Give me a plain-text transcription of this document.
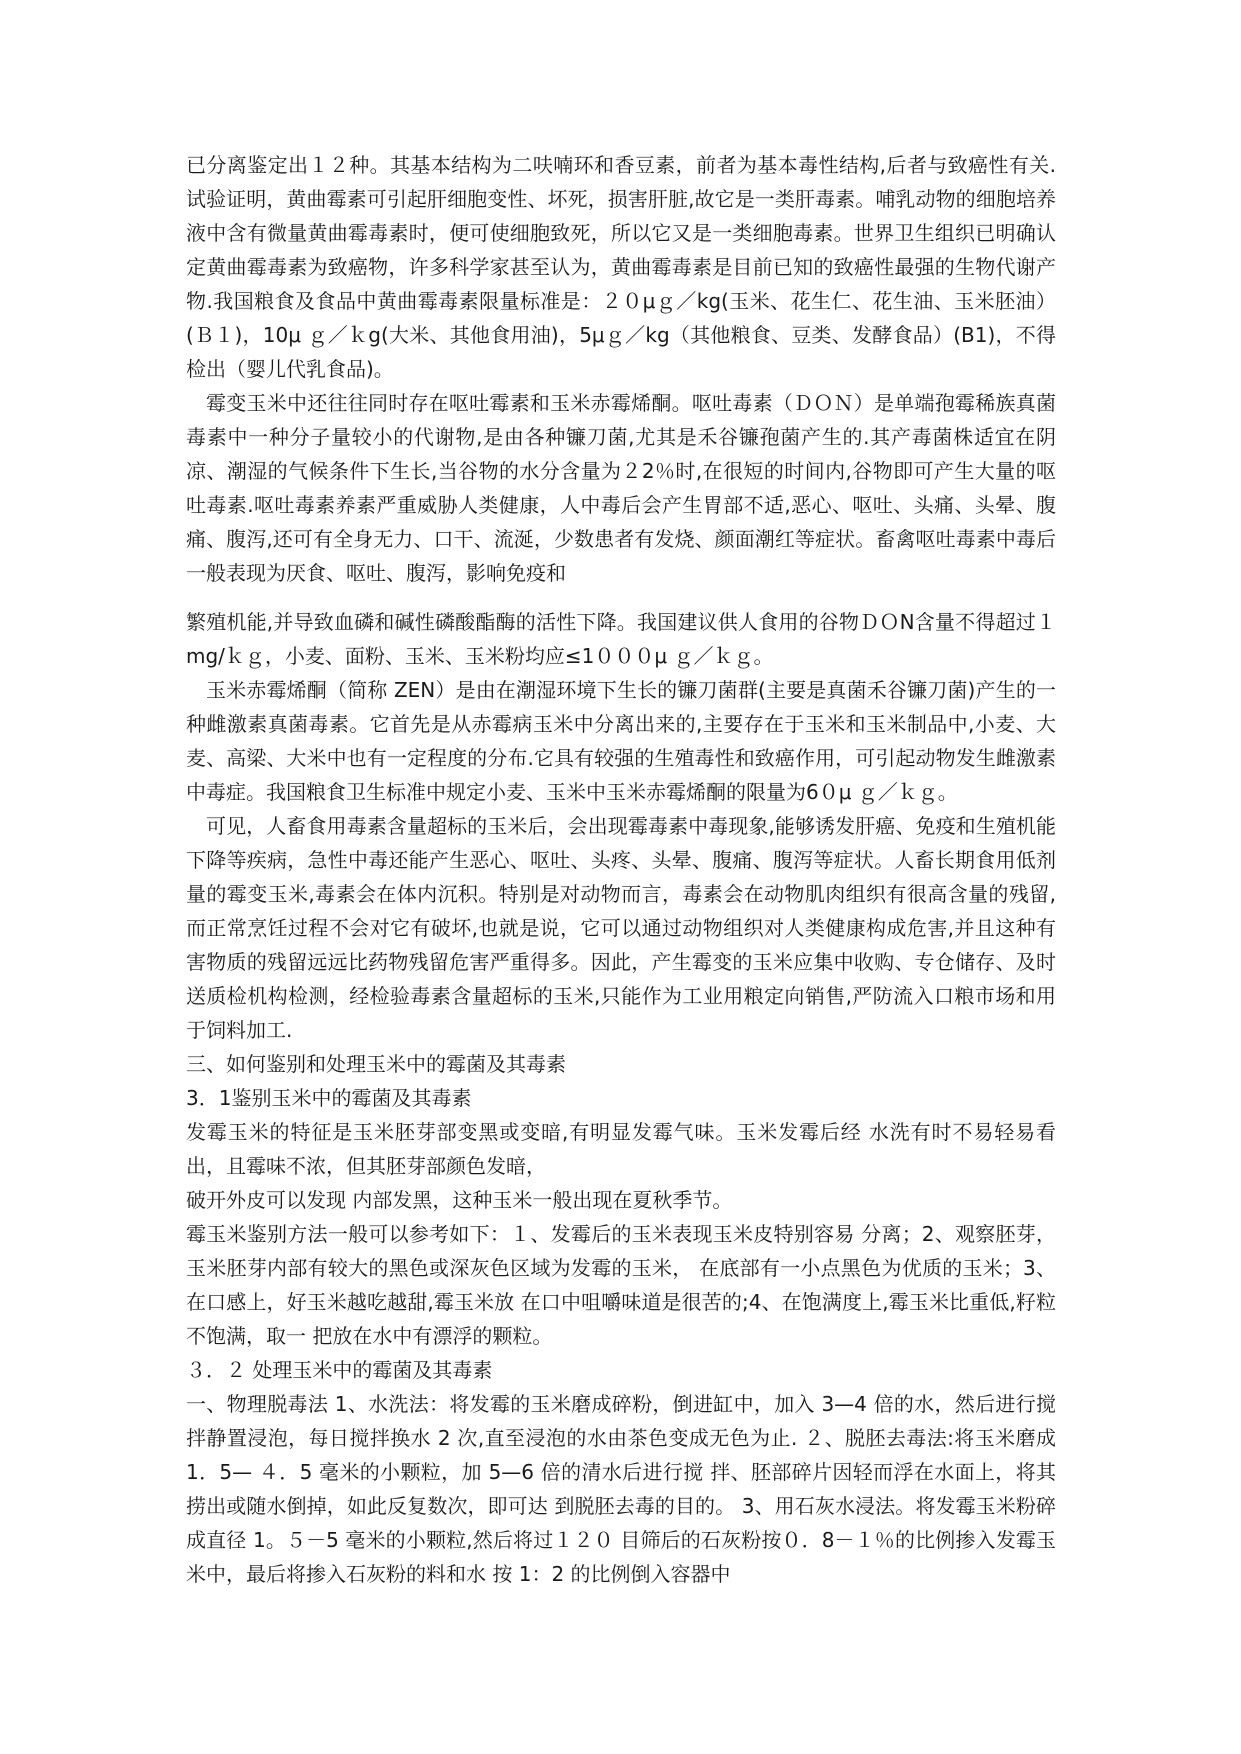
已分离鉴定出１２种。其基本结构为二呋喃环和香豆素，前者为基本毒性结构,后者与致癌性有关.试验证明，黄曲霉素可引起肝细胞变性、坏死，损害肝脏,故它是一类肝毒素。哺乳动物的细胞培养液中含有微量黄曲霉毒素时，便可使细胞致死，所以它又是一类细胞毒素。世界卫生组织已明确认定黄曲霉毒素为致癌物，许多科学家甚至认为，黄曲霉毒素是目前已知的致癌性最强的生物代谢产物.我国粮食及食品中黄曲霉毒素限量标准是：２０μｇ／kg(玉米、花生仁、花生油、玉米胚油）(Ｂ１)，10μ ｇ／ｋg(大米、其他食用油)，5μｇ／kg（其他粮食、豆类、发酵食品）(B1)，不得检出（婴儿代乳食品)。

霉变玉米中还往往同时存在呕吐霉素和玉米赤霉烯酮。呕吐毒素（ＤＯＮ）是单端孢霉稀族真菌毒素中一种分子量较小的代谢物,是由各种镰刀菌,尤其是禾谷镰孢菌产生的.其产毒菌株适宜在阴凉、潮湿的气候条件下生长,当谷物的水分含量为２2％时,在很短的时间内,谷物即可产生大量的呕吐毒素.呕吐毒素养素严重威胁人类健康，人中毒后会产生胃部不适,恶心、呕吐、头痛、头晕、腹痛、腹泻,还可有全身无力、口干、流涎，少数患者有发烧、颜面潮红等症状。畜禽呕吐毒素中毒后一般表现为厌食、呕吐、腹泻，影响免疫和

繁殖机能,并导致血磷和碱性磷酸酯酶的活性下降。我国建议供人食用的谷物ＤＯN含量不得超过１mg/ｋｇ，小麦、面粉、玉米、玉米粉均应≤1０００μ ｇ／ｋｇ。

玉米赤霉烯酮（简称 ZEN）是由在潮湿环境下生长的镰刀菌群(主要是真菌禾谷镰刀菌)产生的一种雌激素真菌毒素。它首先是从赤霉病玉米中分离出来的,主要存在于玉米和玉米制品中,小麦、大麦、高梁、大米中也有一定程度的分布.它具有较强的生殖毒性和致癌作用，可引起动物发生雌激素中毒症。我国粮食卫生标准中规定小麦、玉米中玉米赤霉烯酮的限量为6０μ ｇ／ｋｇ。

可见，人畜食用毒素含量超标的玉米后，会出现霉毒素中毒现象,能够诱发肝癌、免疫和生殖机能下降等疾病，急性中毒还能产生恶心、呕吐、头疼、头晕、腹痛、腹泻等症状。人畜长期食用低剂量的霉变玉米,毒素会在体内沉积。特别是对动物而言，毒素会在动物肌肉组织有很高含量的残留,而正常烹饪过程不会对它有破坏,也就是说，它可以通过动物组织对人类健康构成危害,并且这种有害物质的残留远远比药物残留危害严重得多。因此，产生霉变的玉米应集中收购、专仓储存、及时送质检机构检测，经检验毒素含量超标的玉米,只能作为工业用粮定向销售,严防流入口粮市场和用于饲料加工.

三、如何鉴别和处理玉米中的霉菌及其毒素

3．1鉴别玉米中的霉菌及其毒素

发霉玉米的特征是玉米胚芽部变黑或变暗,有明显发霉气味。玉米发霉后经 水洗有时不易轻易看出，且霉味不浓，但其胚芽部颜色发暗，

破开外皮可以发现 内部发黑，这种玉米一般出现在夏秋季节。

霉玉米鉴别方法一般可以参考如下：１、发霉后的玉米表现玉米皮特别容易 分离；2、观察胚芽，玉米胚芽内部有较大的黑色或深灰色区域为发霉的玉米， 在底部有一小点黑色为优质的玉米；3、在口感上，好玉米越吃越甜,霉玉米放 在口中咀嚼味道是很苦的;4、在饱满度上,霉玉米比重低,籽粒不饱满，取一 把放在水中有漂浮的颗粒。

３．２ 处理玉米中的霉菌及其毒素

一、物理脱毒法 1、水洗法：将发霉的玉米磨成碎粉，倒进缸中，加入 3—4 倍的水，然后进行搅 拌静置浸泡，每日搅拌换水 2 次,直至浸泡的水由茶色变成无色为止. ２、脱胚去毒法:将玉米磨成 1．5— ４．5 毫米的小颗粒，加 5—6 倍的清水后进行搅 拌、胚部碎片因轻而浮在水面上，将其捞出或随水倒掉，如此反复数次，即可达 到脱胚去毒的目的。 3、用石灰水浸法。将发霉玉米粉碎成直径 1。５－5 毫米的小颗粒,然后将过１２０ 目筛后的石灰粉按０．8－１％的比例掺入发霉玉米中，最后将掺入石灰粉的料和水 按 1：2 的比例倒入容器中
